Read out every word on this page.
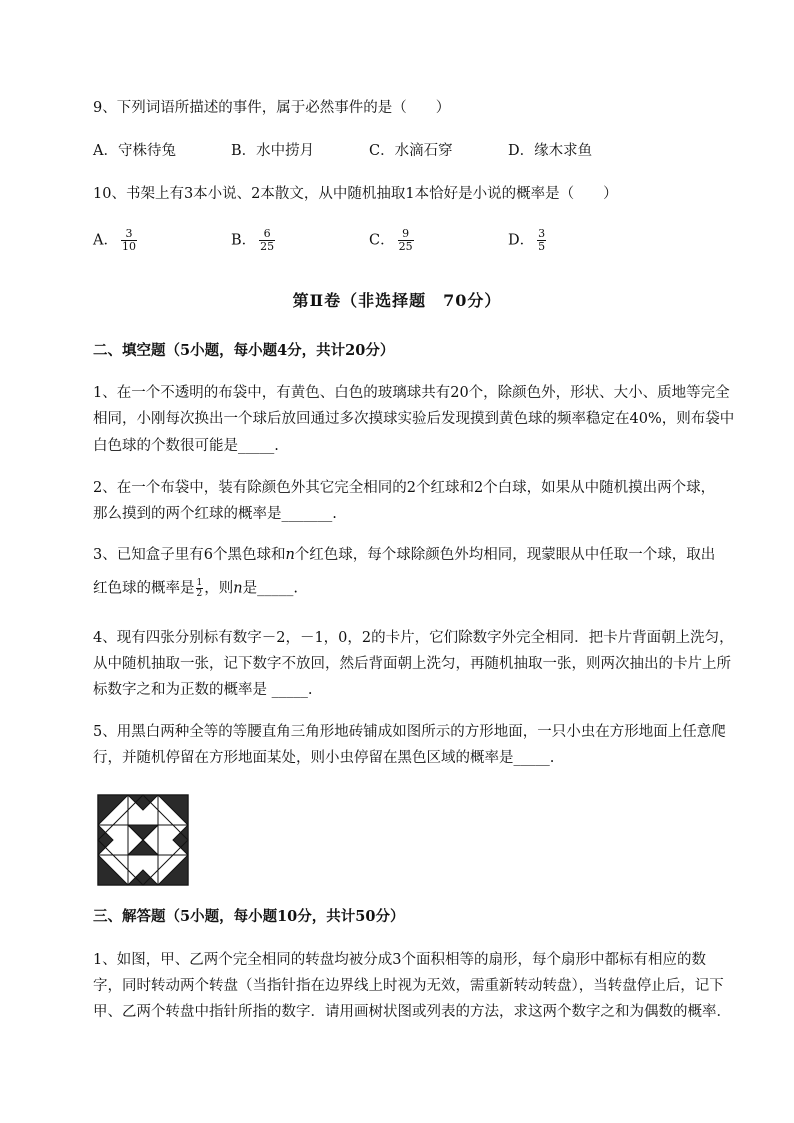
9、下列词语所描述的事件，属于必然事件的是（　　）
A．守株待兔	B．水中捞月	C．水滴石穿	D．缘木求鱼
10、书架上有3本小说、2本散文，从中随机抽取1本恰好是小说的概率是（　　）
A． $\frac{3}{10}$	B． $\frac{6}{25}$	C． $\frac{9}{25}$	D． $\frac{3}{5}$
第Ⅱ卷（非选择题　70分）
二、填空题（5小题，每小题4分，共计20分）
1、在一个不透明的布袋中，有黄色、白色的玻璃球共有20个，除颜色外，形状、大小、质地等完全
相同，小刚每次换出一个球后放回通过多次摸球实验后发现摸到黄色球的频率稳定在40%，则布袋中
白色球的个数很可能是_____.
2、在一个布袋中，装有除颜色外其它完全相同的2个红球和2个白球，如果从中随机摸出两个球，
那么摸到的两个红球的概率是_______.
3、已知盒子里有6个黑色球和n个红色球，每个球除颜色外均相同，现蒙眼从中任取一个球，取出
红色球的概率是 $\frac{1}{2}$ ，则n是_____.
4、现有四张分别标有数字－2，－1，0，2的卡片，它们除数字外完全相同．把卡片背面朝上洗匀，
从中随机抽取一张，记下数字不放回，然后背面朝上洗匀，再随机抽取一张，则两次抽出的卡片上所
标数字之和为正数的概率是 _____.
5、用黑白两种全等的等腰直角三角形地砖铺成如图所示的方形地面，一只小虫在方形地面上任意爬
行，并随机停留在方形地面某处，则小虫停留在黑色区域的概率是_____.
三、解答题（5小题，每小题10分，共计50分）
1、如图，甲、乙两个完全相同的转盘均被分成3个面积相等的扇形，每个扇形中都标有相应的数
字，同时转动两个转盘（当指针指在边界线上时视为无效，需重新转动转盘），当转盘停止后，记下
甲、乙两个转盘中指针所指的数字．请用画树状图或列表的方法，求这两个数字之和为偶数的概率．
